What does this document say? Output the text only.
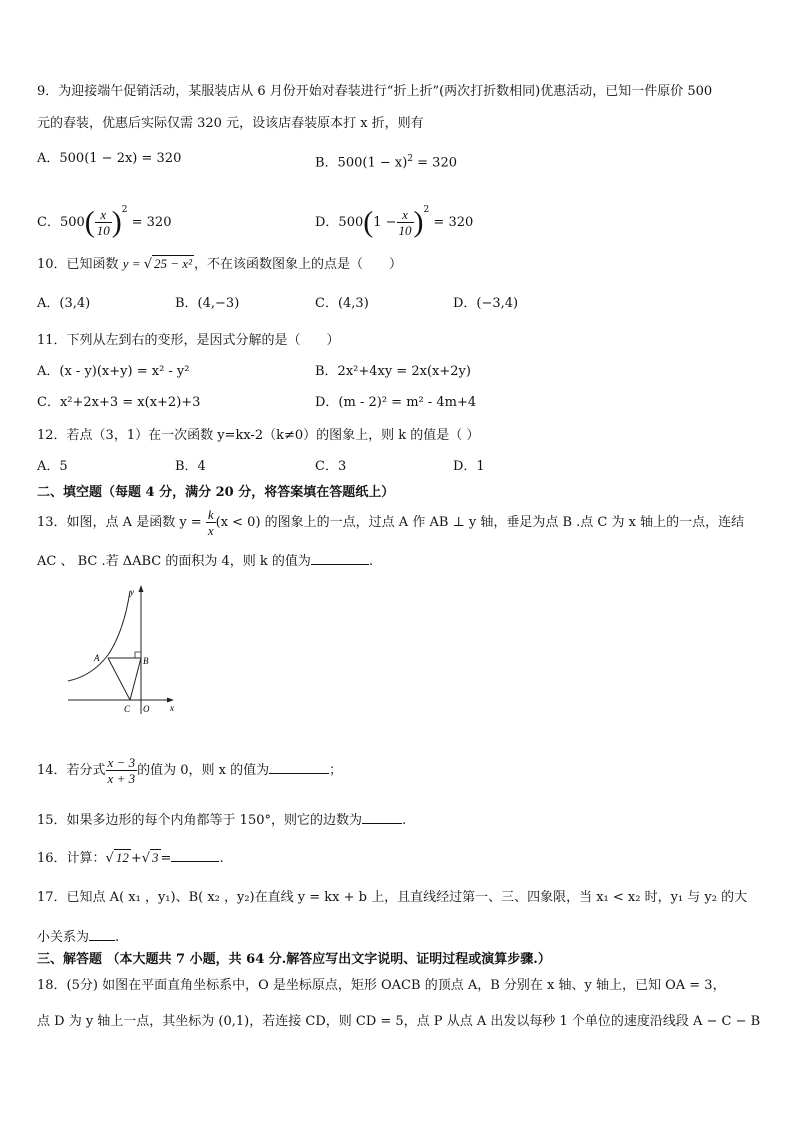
9．为迎接端午促销活动，某服装店从 6 月份开始对春装进行“折上折”(两次打折数相同)优惠活动，已知一件原价 500
元的春装，优惠后实际仅需 320 元，设该店春装原本打 x 折，则有
A．500(1 − 2x) = 320	B．$500(1 - x)^2 = 320$
C．$500( \frac{x}{10} )^2 = 320$	D．$500(1 - \frac{x}{10} )^2 = 320$
10．已知函数 y = √ 25 − x² ，不在该函数图象上的点是（　　）
A．(3,4)	B．(4,−3)	C．(4,3)	D．(−3,4)
11．下列从左到右的变形，是因式分解的是（　　）
A．(x - y)(x+y) = x² - y²	B．2x²+4xy = 2x(x+2y)
C．x²+2x+3 = x(x+2)+3	D．(m - 2)² = m² - 4m+4
12．若点（3，1）在一次函数 y=kx-2（k≠0）的图象上，则 k 的值是（ ）
A．5	B．4	C．3	D．1
二、填空题（每题 4 分，满分 20 分，将答案填在答题纸上）
13．如图，点 A 是函数 $y = \frac{k}{x} (x < 0)$ 的图象上的一点，过点 A 作 AB ⊥ y 轴，垂足为点 B .点 C 为 x 轴上的一点，连结
AC 、 BC .若 ΔABC 的面积为 4，则 k 的值为	.
y
x
A	B
C O
14．若分式 $\frac{x - 3}{x + 3}$ 的值为 0，则 x 的值为	；
15．如果多边形的每个内角都等于 150°，则它的边数为	.
16．计算：√ 12 +√ 3 =	.
17．已知点 A( x₁ ，y₁)、B( x₂ ，y₂)在直线 y = kx + b 上，且直线经过第一、三、四象限，当 x₁ < x₂ 时，y₁ 与 y₂ 的大
小关系为 .
三、解答题 （本大题共 7 小题，共 64 分.解答应写出文字说明、证明过程或演算步骤.）
18．(5分) 如图在平面直角坐标系中，O 是坐标原点，矩形 OACB 的顶点 A，B 分别在 x 轴、y 轴上，已知 OA = 3，
点 D 为 y 轴上一点，其坐标为 (0,1)，若连接 CD，则 CD = 5，点 P 从点 A 出发以每秒 1 个单位的速度沿线段 A − C − B
